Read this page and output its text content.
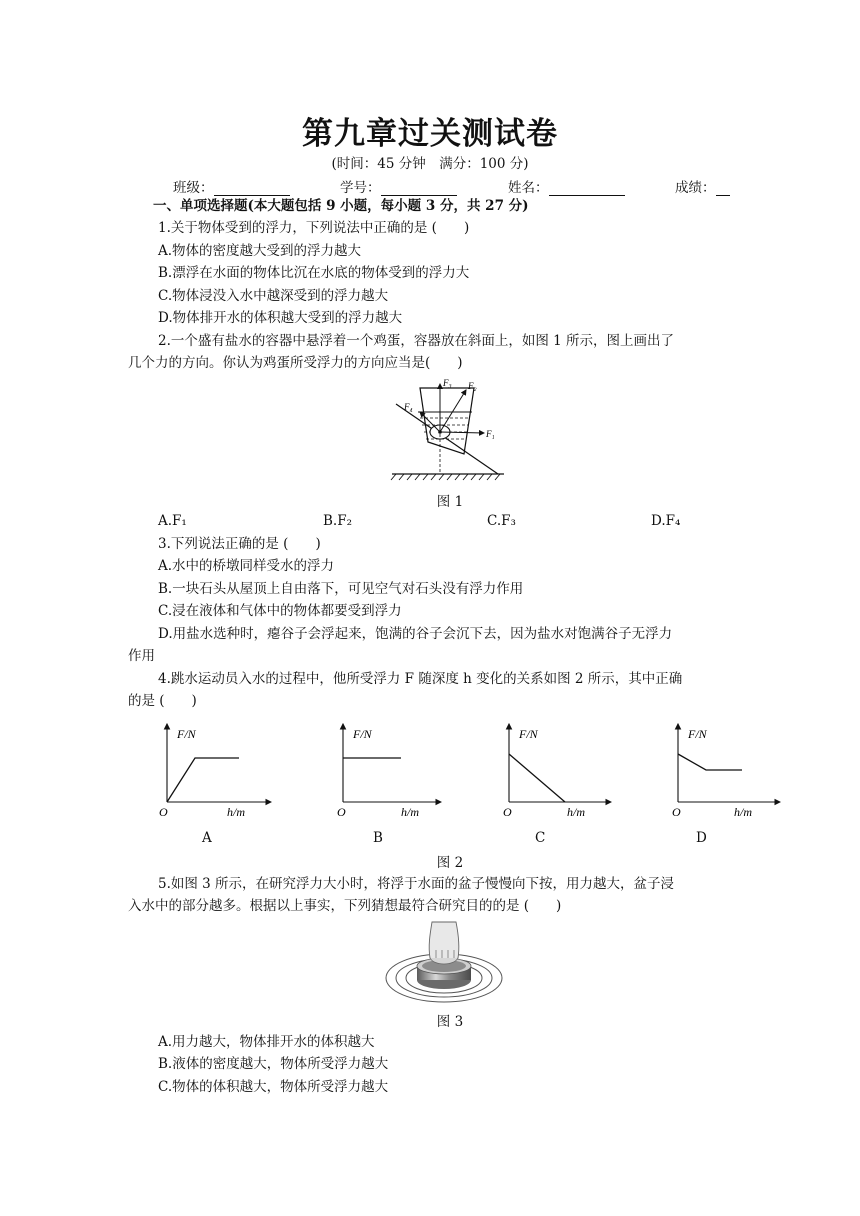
第九章过关测试卷
(时间：45 分钟　满分：100 分)
班级：	学号：	姓名：	成绩：
一、单项选择题(本大题包括 9 小题，每小题 3 分，共 27 分)
1.关于物体受到的浮力，下列说法中正确的是 (　　)
A.物体的密度越大受到的浮力越大
B.漂浮在水面的物体比沉在水底的物体受到的浮力大
C.物体浸没入水中越深受到的浮力越大
D.物体排开水的体积越大受到的浮力越大
2.一个盛有盐水的容器中悬浮着一个鸡蛋，容器放在斜面上，如图 1 所示，图上画出了
几个力的方向。你认为鸡蛋所受浮力的方向应当是(　　)
F₃ F₂
F₁
F₄
图 1
A.F₁	B.F₂	C.F₃	D.F₄
3.下列说法正确的是 (　　)
A.水中的桥墩同样受水的浮力
B.一块石头从屋顶上自由落下，可见空气对石头没有浮力作用
C.浸在液体和气体中的物体都要受到浮力
D.用盐水选种时，瘪谷子会浮起来，饱满的谷子会沉下去，因为盐水对饱满谷子无浮力
作用
4.跳水运动员入水的过程中，他所受浮力 F 随深度 h 变化的关系如图 2 所示，其中正确
的是 (　　)
F/N
O	h/m
F/N
O	h/m
F/N
O	h/m
F/N
O	h/m
A	B	C	D
图 2
5.如图 3 所示，在研究浮力大小时，将浮于水面的盆子慢慢向下按，用力越大，盆子浸
入水中的部分越多。根据以上事实，下列猜想最符合研究目的的是 (　　)
图 3
A.用力越大，物体排开水的体积越大
B.液体的密度越大，物体所受浮力越大
C.物体的体积越大，物体所受浮力越大
